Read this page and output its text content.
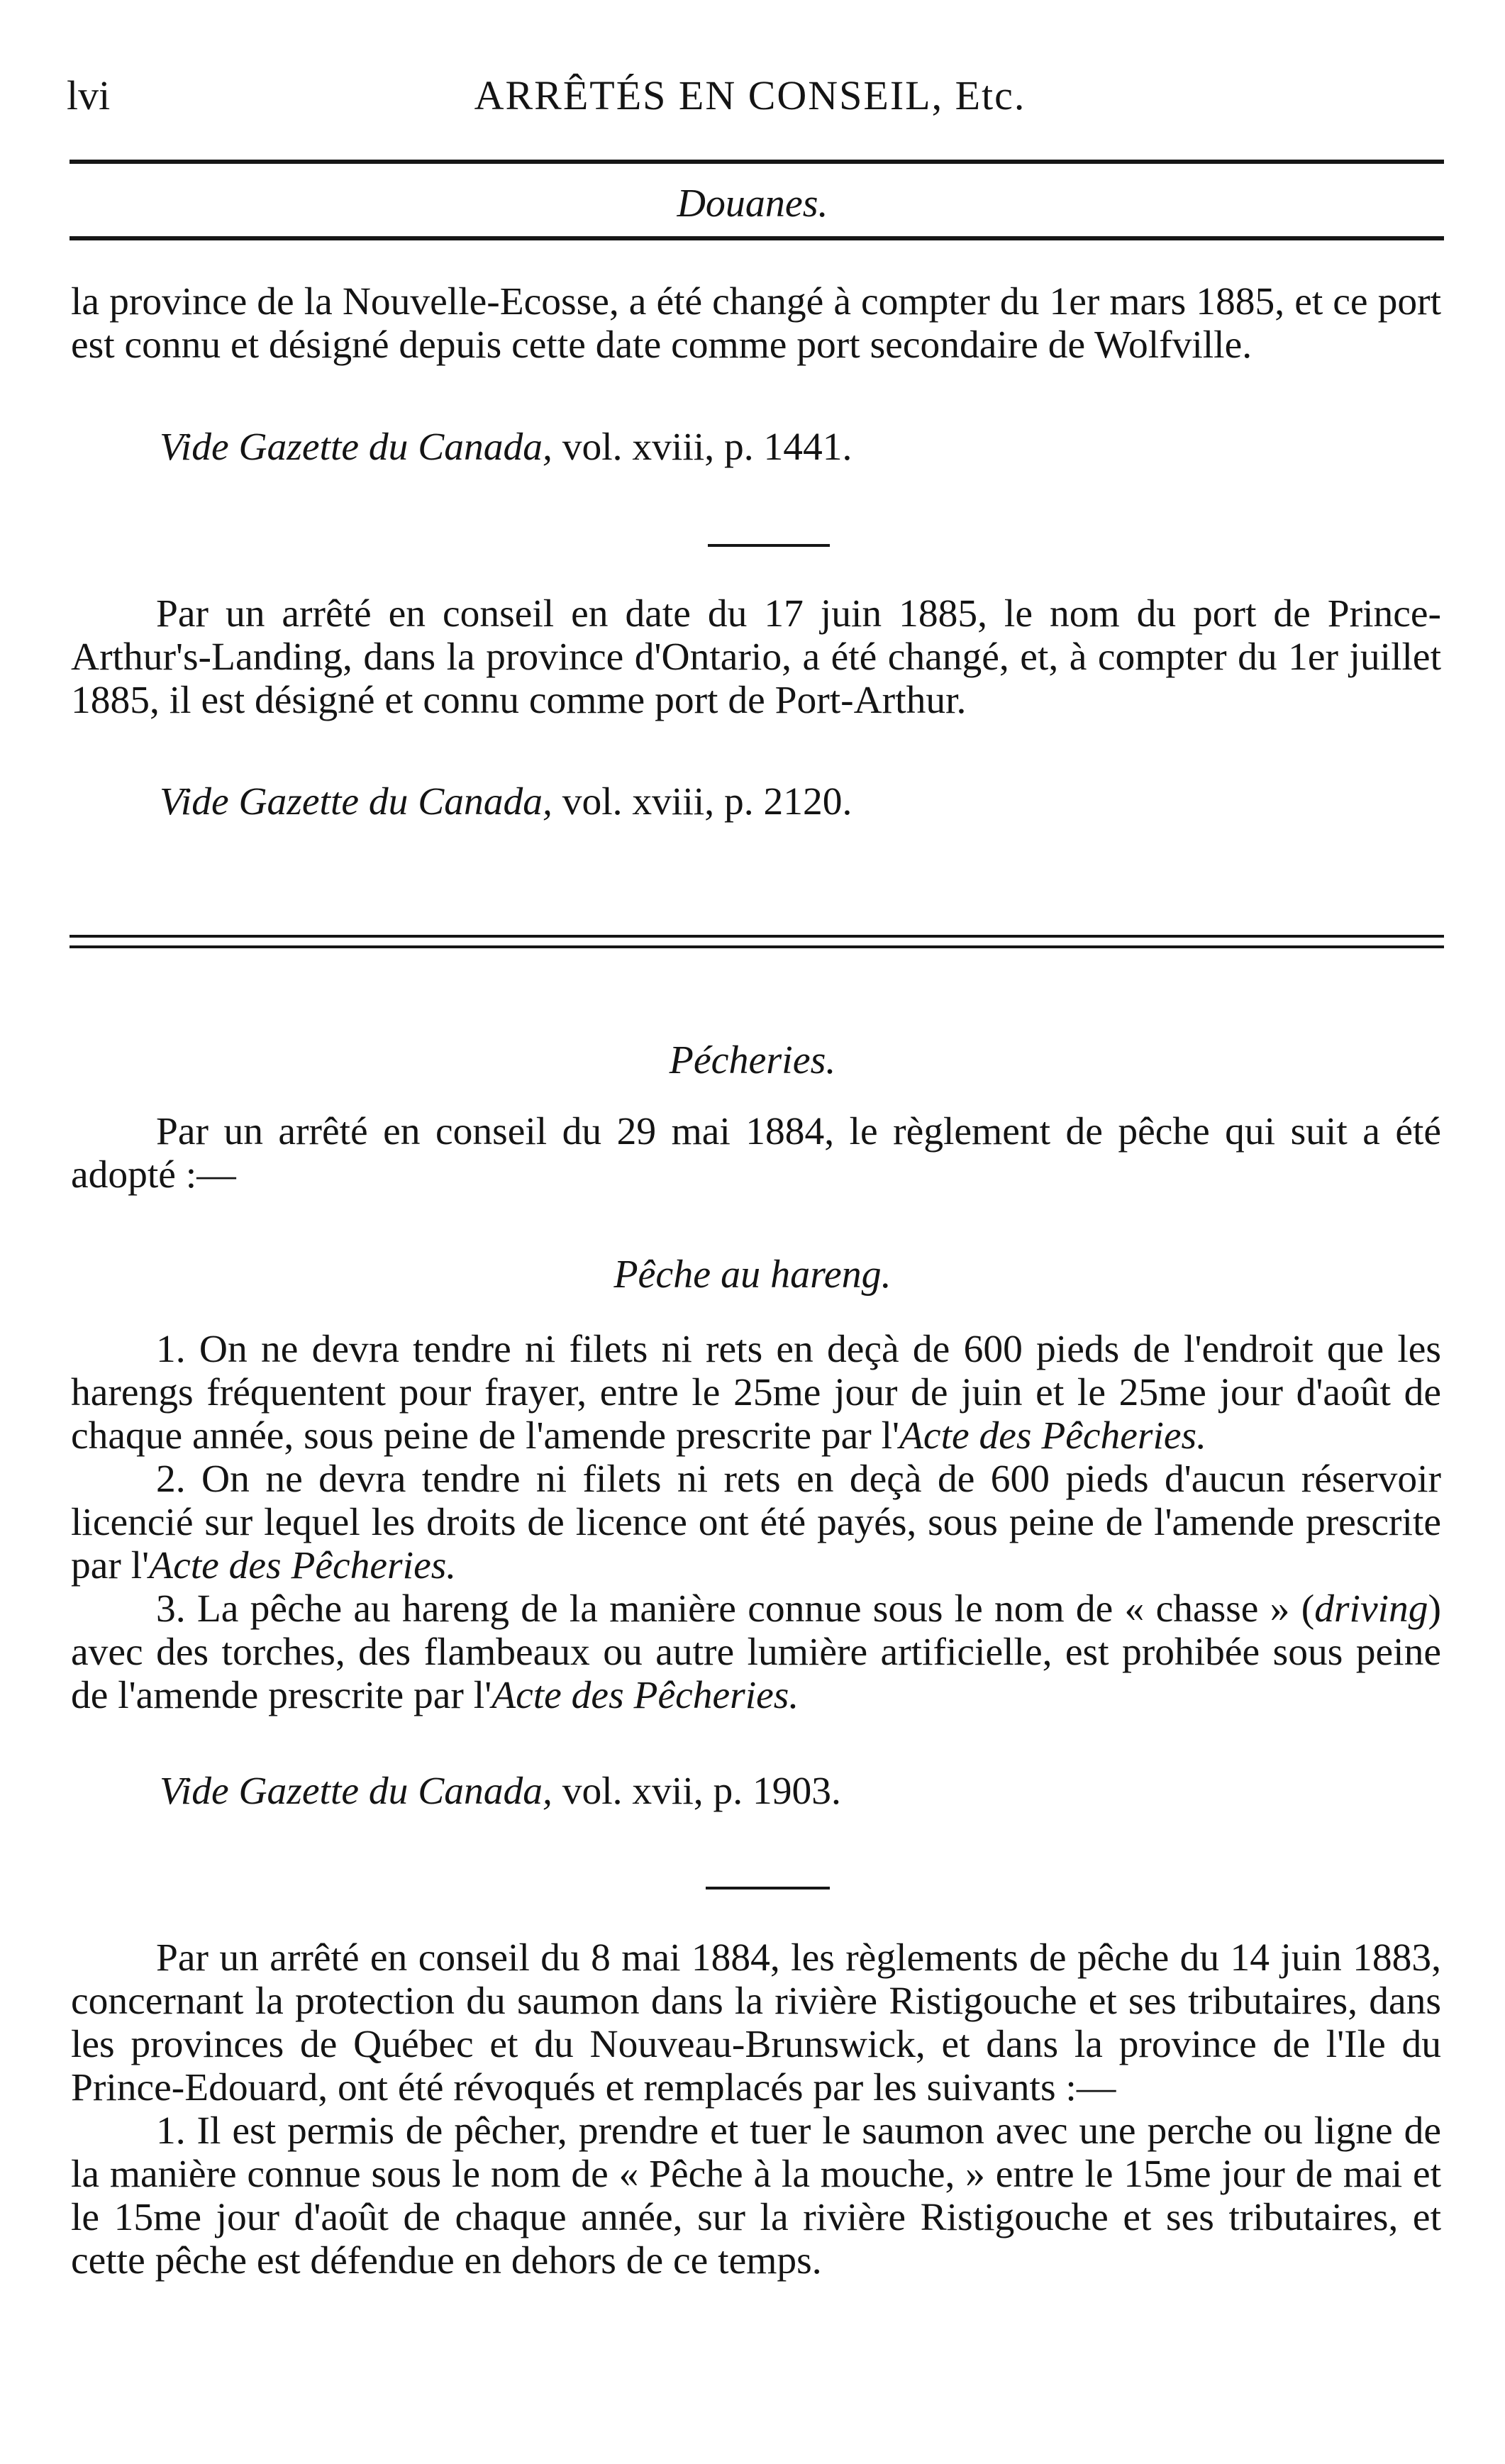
lvi	ARRÊTÉS EN CONSEIL, Etc.
Douanes.

la province de la Nouvelle-Ecosse, a été changé à compter du 1er mars 1885, et ce port est connu et désigné depuis cette date comme port secondaire de Wolfville.

Vide Gazette du Canada, vol. xviii, p. 1441.

Par un arrêté en conseil en date du 17 juin 1885, le nom du port de Prince-Arthur's-Landing, dans la province d'Ontario, a été changé, et, à compter du 1er juillet 1885, il est désigné et connu comme port de Port-Arthur.

Vide Gazette du Canada, vol. xviii, p. 2120.
Pécheries.

Par un arrêté en conseil du 29 mai 1884, le règlement de pêche qui suit a été adopté :—

Pêche au hareng.

1. On ne devra tendre ni filets ni rets en deçà de 600 pieds de l'endroit que les harengs fréquentent pour frayer, entre le 25me jour de juin et le 25me jour d'août de chaque année, sous peine de l'amende prescrite par l'Acte des Pêcheries.

2. On ne devra tendre ni filets ni rets en deçà de 600 pieds d'aucun réservoir licencié sur lequel les droits de licence ont été payés, sous peine de l'amende prescrite par l'Acte des Pêcheries.

3. La pêche au hareng de la manière connue sous le nom de « chasse » (driving) avec des torches, des flambeaux ou autre lumière artificielle, est prohibée sous peine de l'amende prescrite par l'Acte des Pêcheries.

Vide Gazette du Canada, vol. xvii, p. 1903.

Par un arrêté en conseil du 8 mai 1884, les règlements de pêche du 14 juin 1883, concernant la protection du saumon dans la rivière Ristigouche et ses tributaires, dans les provinces de Québec et du Nouveau-Brunswick, et dans la province de l'Ile du Prince-Edouard, ont été révoqués et remplacés par les suivants :—

1. Il est permis de pêcher, prendre et tuer le saumon avec une perche ou ligne de la manière connue sous le nom de « Pêche à la mouche, » entre le 15me jour de mai et le 15me jour d'août de chaque année, sur la rivière Ristigouche et ses tributaires, et cette pêche est défendue en dehors de ce temps.
